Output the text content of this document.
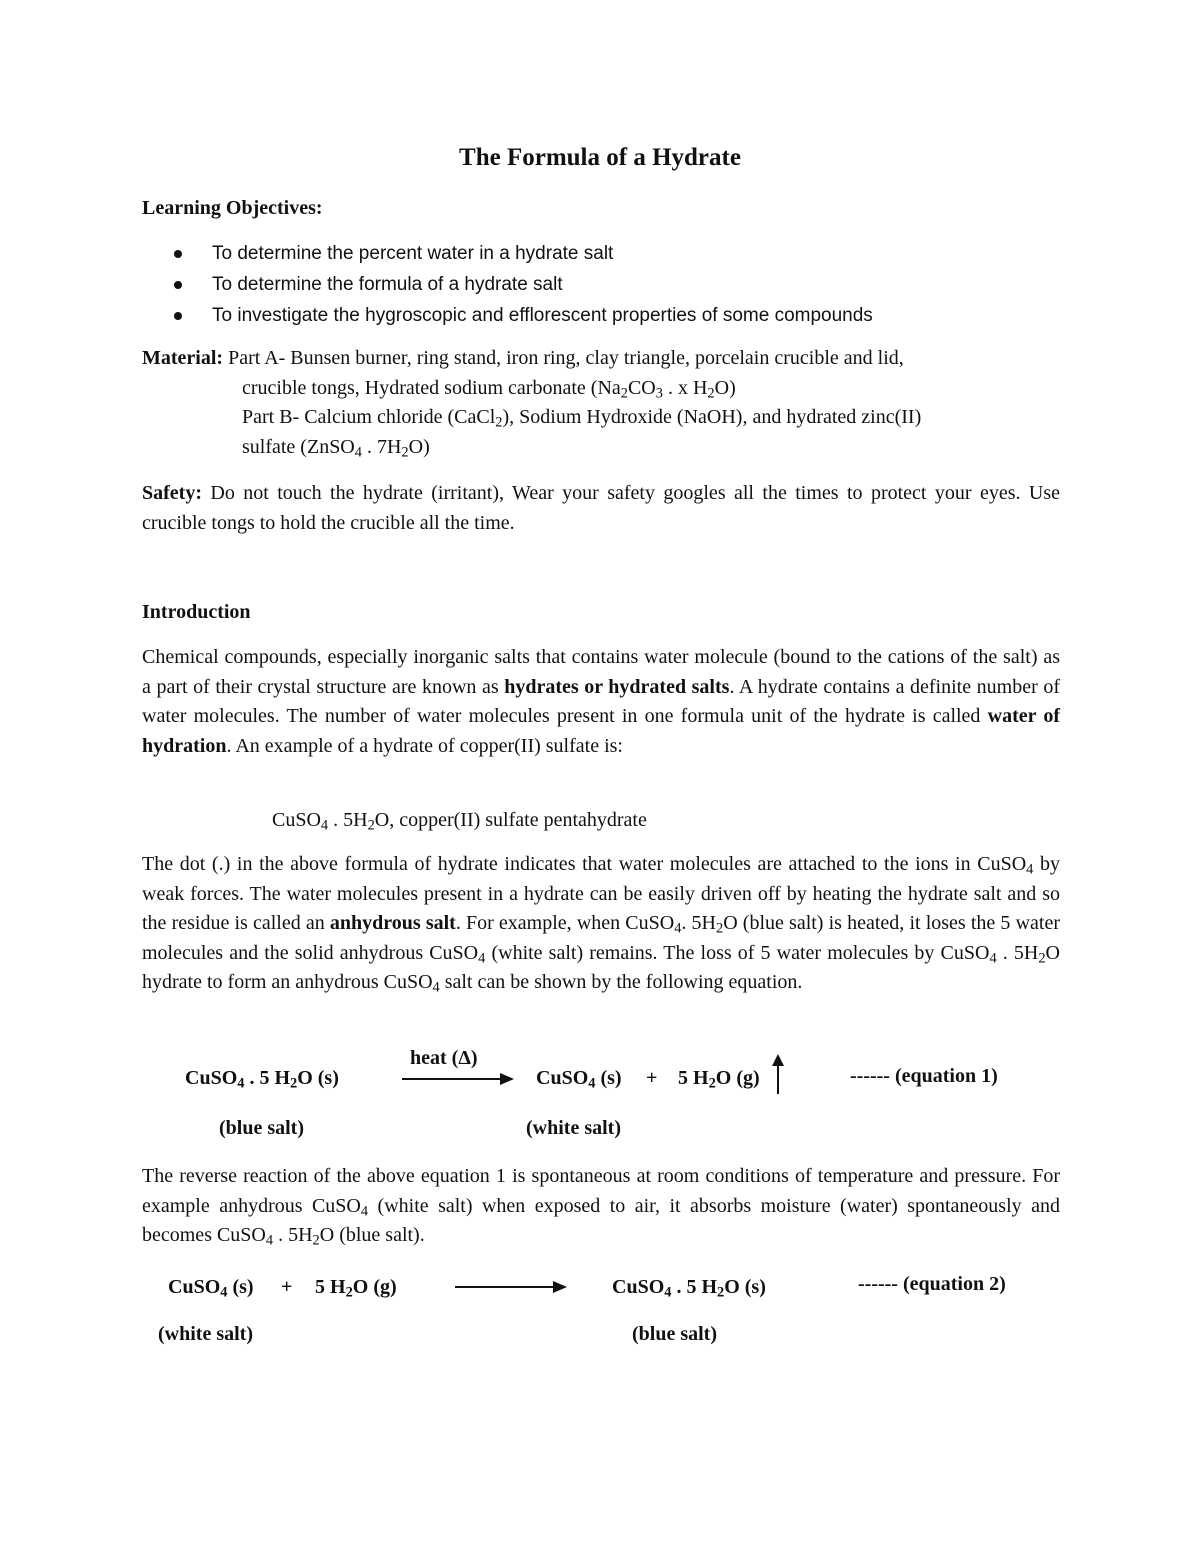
The Formula of a Hydrate
Learning Objectives:
To determine the percent water in a hydrate salt
To determine the formula of a hydrate salt
To investigate the hygroscopic and efflorescent properties of some compounds
Material: Part A- Bunsen burner, ring stand, iron ring, clay triangle, porcelain crucible and lid,
crucible tongs, Hydrated sodium carbonate ($Na_2CO_3$ . x $H_2O$)
Part B- Calcium chloride (CaCl$_2$), Sodium Hydroxide (NaOH), and hydrated zinc(II)
sulfate (ZnSO$_4$ . $7H_2O$)
Safety: Do not touch the hydrate (irritant), Wear your safety googles all the times to protect your eyes. Use crucible tongs to hold the crucible all the time.
Introduction
Chemical compounds, especially inorganic salts that contains water molecule (bound to the cations of the salt) as a part of their crystal structure are known as hydrates or hydrated salts. A hydrate contains a definite number of water molecules. The number of water molecules present in one formula unit of the hydrate is called water of hydration. An example of a hydrate of copper(II) sulfate is:
CuSO$_4$ . $5H_2O$, copper(II) sulfate pentahydrate
The dot (.) in the above formula of hydrate indicates that water molecules are attached to the ions in CuSO$_4$ by weak forces. The water molecules present in a hydrate can be easily driven off by heating the hydrate salt and so the residue is called an anhydrous salt. For example, when CuSO$_4$. $5H_2O$ (blue salt) is heated, it loses the 5 water molecules and the solid anhydrous CuSO$_4$ (white salt) remains. The loss of 5 water molecules by CuSO$_4$ . $5H_2O$ hydrate to form an anhydrous CuSO$_4$ salt can be shown by the following equation.
CuSO$_4$ . 5 $H_2O$ (s)
heat (Δ)
CuSO$_4$ (s) + 5 $H_2O$ (g)	------ (equation 1)
(blue salt)	(white salt)
The reverse reaction of the above equation 1 is spontaneous at room conditions of temperature and pressure. For example anhydrous CuSO$_4$ (white salt) when exposed to air, it absorbs moisture (water) spontaneously and becomes CuSO$_4$ . $5H_2O$ (blue salt).
CuSO$_4$ (s) + 5 $H_2O$ (g)	CuSO$_4$ . 5 $H_2O$ (s)	------ (equation 2)
(white salt)	(blue salt)
